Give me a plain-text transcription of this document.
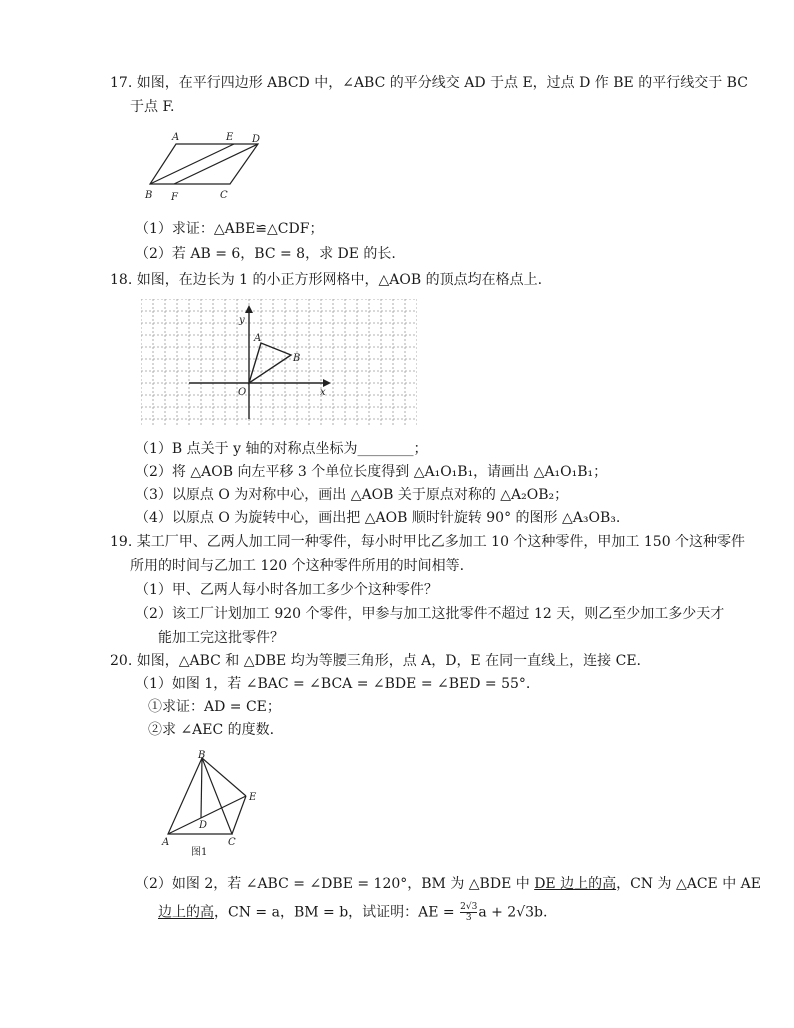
17. 如图，在平行四边形 ABCD 中，∠ABC 的平分线交 AD 于点 E，过点 D 作 BE 的平行线交于 BC
于点 F.
A	E D
B F	C
（1）求证：△ABE≌△CDF；
（2）若 AB = 6，BC = 8，求 DE 的长.
18. 如图，在边长为 1 的小正方形网格中，△AOB 的顶点均在格点上.
y
x
O
A
B
（1）B 点关于 y 轴的对称点坐标为________；
（2）将 △AOB 向左平移 3 个单位长度得到 △A₁O₁B₁，请画出 △A₁O₁B₁；
（3）以原点 O 为对称中心，画出 △AOB 关于原点对称的 △A₂OB₂；
（4）以原点 O 为旋转中心，画出把 △AOB 顺时针旋转 90° 的图形 △A₃OB₃.
19. 某工厂甲、乙两人加工同一种零件，每小时甲比乙多加工 10 个这种零件，甲加工 150 个这种零件
所用的时间与乙加工 120 个这种零件所用的时间相等.
（1）甲、乙两人每小时各加工多少个这种零件？
（2）该工厂计划加工 920 个零件，甲参与加工这批零件不超过 12 天，则乙至少加工多少天才
能加工完这批零件？
20. 如图，△ABC 和 △DBE 均为等腰三角形，点 A，D，E 在同一直线上，连接 CE.
（1）如图 1，若 ∠BAC = ∠BCA = ∠BDE = ∠BED = 55°.
①求证：AD = CE；
②求 ∠AEC 的度数.
B
E
D
A	C
图1
（2）如图 2，若 ∠ABC = ∠DBE = 120°，BM 为 △BDE 中 DE 边上的高，CN 为 △ACE 中 AE
边上的高，CN = a，BM = b，试证明：AE = $\frac{2√3}{3}$ a + 2√3b.
